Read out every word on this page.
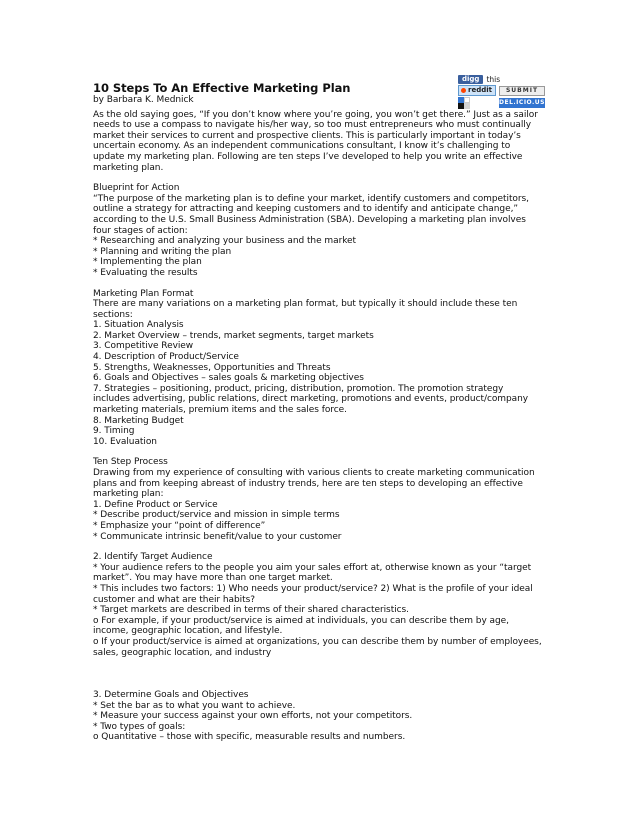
digg this
reddit	SUBMIT
DEL.ICIO.US
10 Steps To An Effective Marketing Plan
by Barbara K. Mednick
As the old saying goes, “If you don’t know where you’re going, you won’t get there.” Just as a sailor
needs to use a compass to navigate his/her way, so too must entrepreneurs who must continually
market their services to current and prospective clients. This is particularly important in today’s
uncertain economy. As an independent communications consultant, I know it’s challenging to
update my marketing plan. Following are ten steps I’ve developed to help you write an effective
marketing plan.
Blueprint for Action
“The purpose of the marketing plan is to define your market, identify customers and competitors,
outline a strategy for attracting and keeping customers and to identify and anticipate change,”
according to the U.S. Small Business Administration (SBA). Developing a marketing plan involves
four stages of action:
* Researching and analyzing your business and the market
* Planning and writing the plan
* Implementing the plan
* Evaluating the results
Marketing Plan Format
There are many variations on a marketing plan format, but typically it should include these ten
sections:
1. Situation Analysis
2. Market Overview – trends, market segments, target markets
3. Competitive Review
4. Description of Product/Service
5. Strengths, Weaknesses, Opportunities and Threats
6. Goals and Objectives – sales goals & marketing objectives
7. Strategies – positioning, product, pricing, distribution, promotion. The promotion strategy
includes advertising, public relations, direct marketing, promotions and events, product/company
marketing materials, premium items and the sales force.
8. Marketing Budget
9. Timing
10. Evaluation
Ten Step Process
Drawing from my experience of consulting with various clients to create marketing communication
plans and from keeping abreast of industry trends, here are ten steps to developing an effective
marketing plan:
1. Define Product or Service
* Describe product/service and mission in simple terms
* Emphasize your “point of difference”
* Communicate intrinsic benefit/value to your customer
2. Identify Target Audience
* Your audience refers to the people you aim your sales effort at, otherwise known as your “target
market”. You may have more than one target market.
* This includes two factors: 1) Who needs your product/service? 2) What is the profile of your ideal
customer and what are their habits?
* Target markets are described in terms of their shared characteristics.
o For example, if your product/service is aimed at individuals, you can describe them by age,
income, geographic location, and lifestyle.
o If your product/service is aimed at organizations, you can describe them by number of employees,
sales, geographic location, and industry
3. Determine Goals and Objectives
* Set the bar as to what you want to achieve.
* Measure your success against your own efforts, not your competitors.
* Two types of goals:
o Quantitative – those with specific, measurable results and numbers.
